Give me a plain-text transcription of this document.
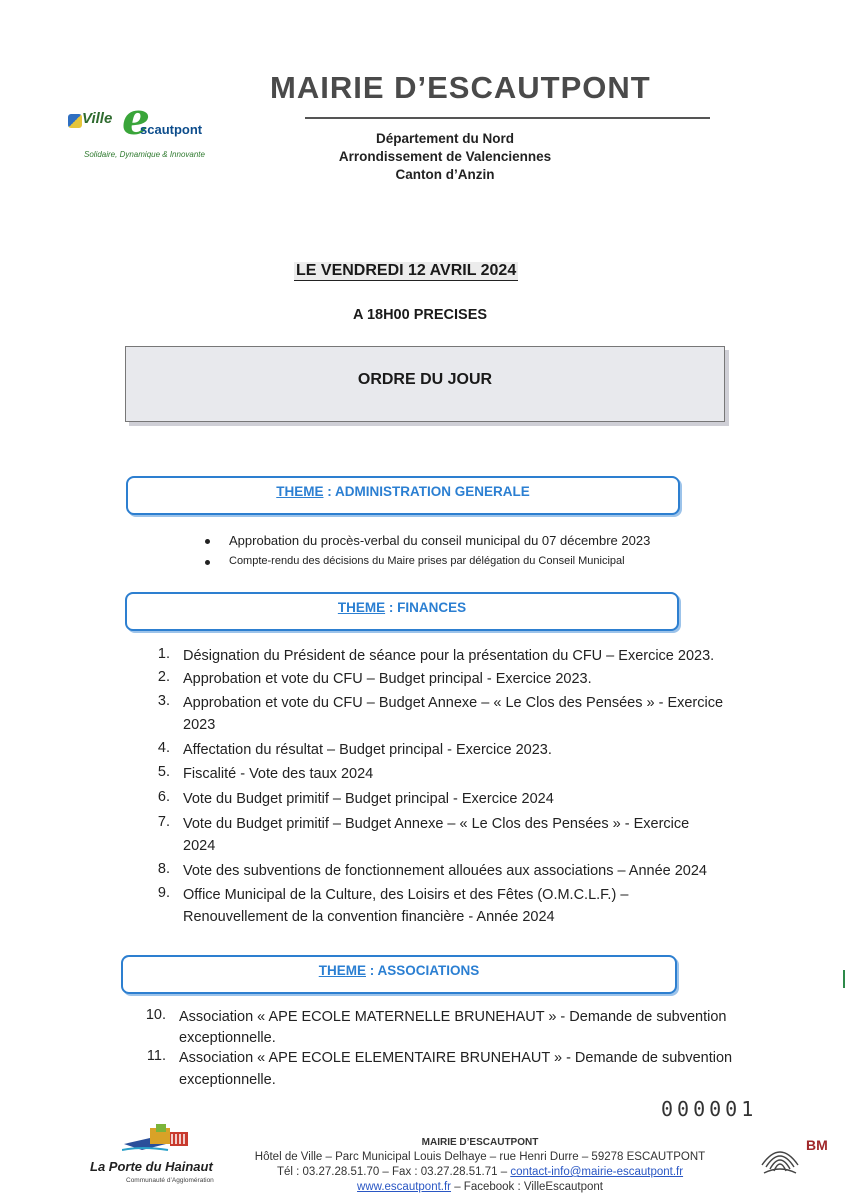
Ville e
scautpont
Solidaire, Dynamique & Innovante
MAIRIE D’ESCAUTPONT
Département du Nord
Arrondissement de Valenciennes
Canton d’Anzin
LE VENDREDI 12 AVRIL 2024
A 18H00 PRECISES
ORDRE DU JOUR
THEME : ADMINISTRATION GENERALE
Approbation du procès-verbal du conseil municipal du 07 décembre 2023
Compte-rendu des décisions du Maire prises par délégation du Conseil Municipal
THEME : FINANCES
1. Désignation du Président de séance pour la présentation du CFU – Exercice 2023.
2. Approbation et vote du CFU – Budget principal - Exercice 2023.
3. Approbation et vote du CFU – Budget Annexe – « Le Clos des Pensées » - Exercice
2023
4. Affectation du résultat – Budget principal - Exercice 2023.
5. Fiscalité - Vote des taux 2024
6. Vote du Budget primitif – Budget principal - Exercice 2024
7. Vote du Budget primitif – Budget Annexe – « Le Clos des Pensées » - Exercice
2024
8. Vote des subventions de fonctionnement allouées aux associations – Année 2024
9. Office Municipal de la Culture, des Loisirs et des Fêtes (O.M.C.L.F.) –
Renouvellement de la convention financière - Année 2024
THEME : ASSOCIATIONS
10. Association « APE ECOLE MATERNELLE BRUNEHAUT » - Demande de subvention
exceptionnelle.
11. Association « APE ECOLE ELEMENTAIRE BRUNEHAUT » - Demande de subvention
exceptionnelle.
000001
La Porte du Hainaut
Communauté d’Agglomération
MAIRIE D’ESCAUTPONT
Hôtel de Ville – Parc Municipal Louis Delhaye – rue Henri Durre – 59278 ESCAUTPONT
Tél : 03.27.28.51.70 – Fax : 03.27.28.51.71 – contact-info@mairie-escautpont.fr
www.escautpont.fr – Facebook : VilleEscautpont
BM
